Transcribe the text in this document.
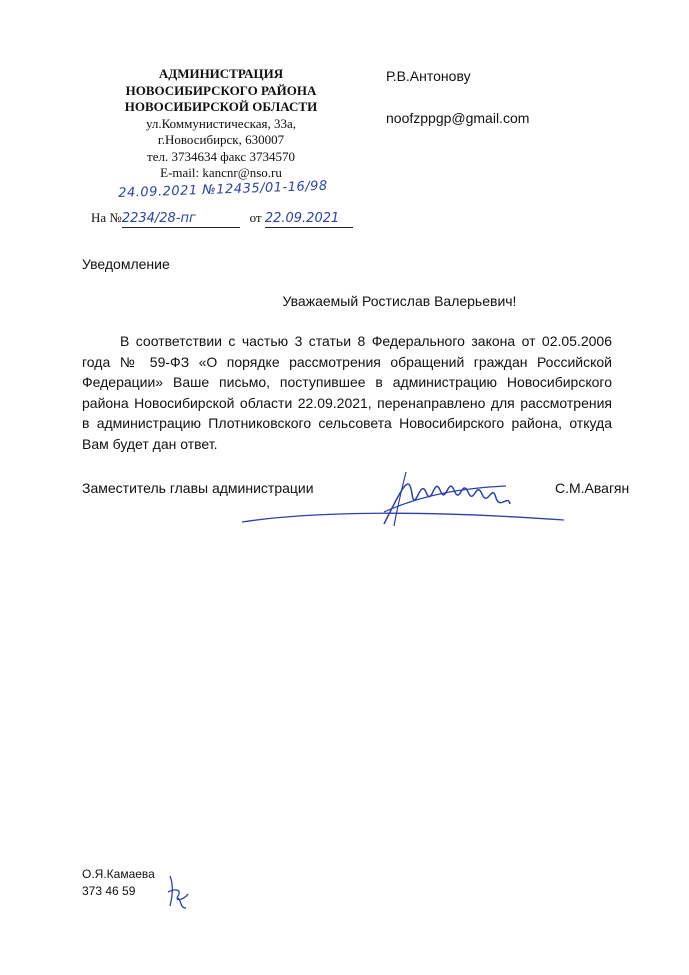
АДМИНИСТРАЦИЯ
НОВОСИБИРСКОГО РАЙОНА
НОВОСИБИРСКОЙ ОБЛАСТИ
ул.Коммунистическая, 33а,
г.Новосибирск, 630007
тел. 3734634 факс 3734570
E-mail: kancnr@nso.ru
Р.В.Антонову
noofzppgp@gmail.com
24.09.2021 №12435/01-16/98
На №2234/28-пг	от 22.09.2021
Уведомление
Уважаемый Ростислав Валерьевич!

В соответствии с частью 3 статьи 8 Федерального закона от 02.05.2006 года № 59-ФЗ «О порядке рассмотрения обращений граждан Российской Федерации» Ваше письмо, поступившее в администрацию Новосибирского района Новосибирской области 22.09.2021, перенаправлено для рассмотрения в администрацию Плотниковского сельсовета Новосибирского района, откуда Вам будет дан ответ.

Заместитель главы администрации	С.М.Авагян
О.Я.Камаева
373 46 59
